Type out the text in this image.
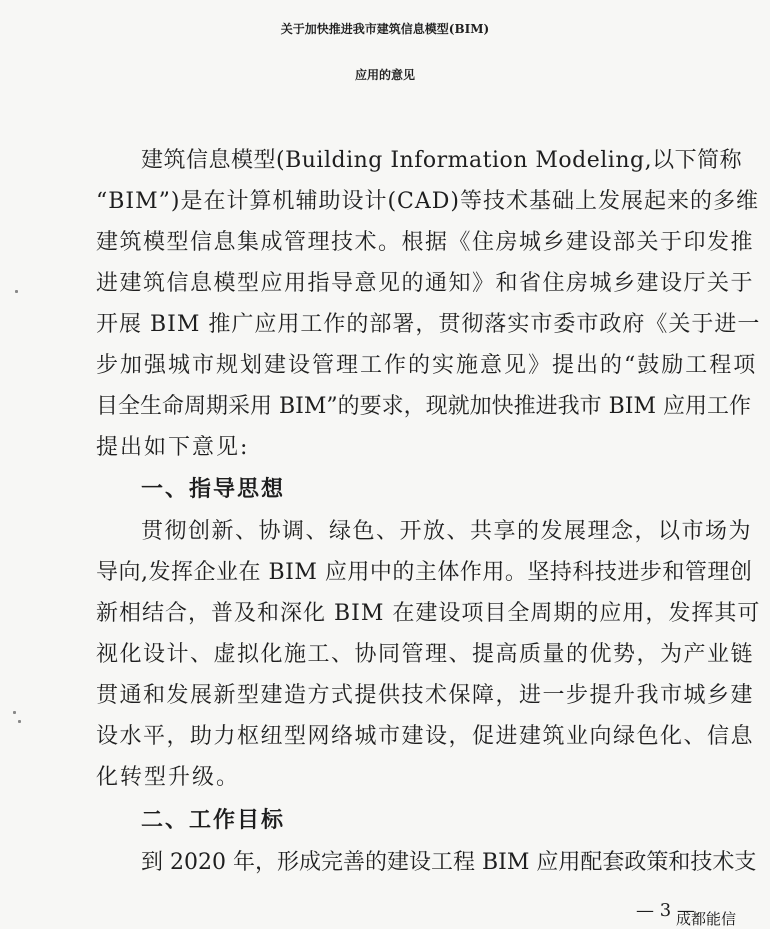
关于加快推进我市建筑信息模型(BIM)
应用的意见
建筑信息模型(Building Information Modeling,以下简称
“BIM”)是在计算机辅助设计(CAD)等技术基础上发展起来的多维
建筑模型信息集成管理技术。根据《住房城乡建设部关于印发推
进建筑信息模型应用指导意见的通知》和省住房城乡建设厅关于
开展 BIM 推广应用工作的部署，贯彻落实市委市政府《关于进一
步加强城市规划建设管理工作的实施意见》提出的“鼓励工程项
目全生命周期采用 BIM”的要求，现就加快推进我市 BIM 应用工作
提出如下意见:
一、指导思想
贯彻创新、协调、绿色、开放、共享的发展理念，以市场为
导向,发挥企业在 BIM 应用中的主体作用。坚持科技进步和管理创
新相结合，普及和深化 BIM 在建设项目全周期的应用，发挥其可
视化设计、虚拟化施工、协同管理、提高质量的优势，为产业链
贯通和发展新型建造方式提供技术保障，进一步提升我市城乡建
设水平，助力枢纽型网络城市建设，促进建筑业向绿色化、信息
化转型升级。
二、工作目标
到 2020 年，形成完善的建设工程 BIM 应用配套政策和技术支
— 3 —
成都能信
